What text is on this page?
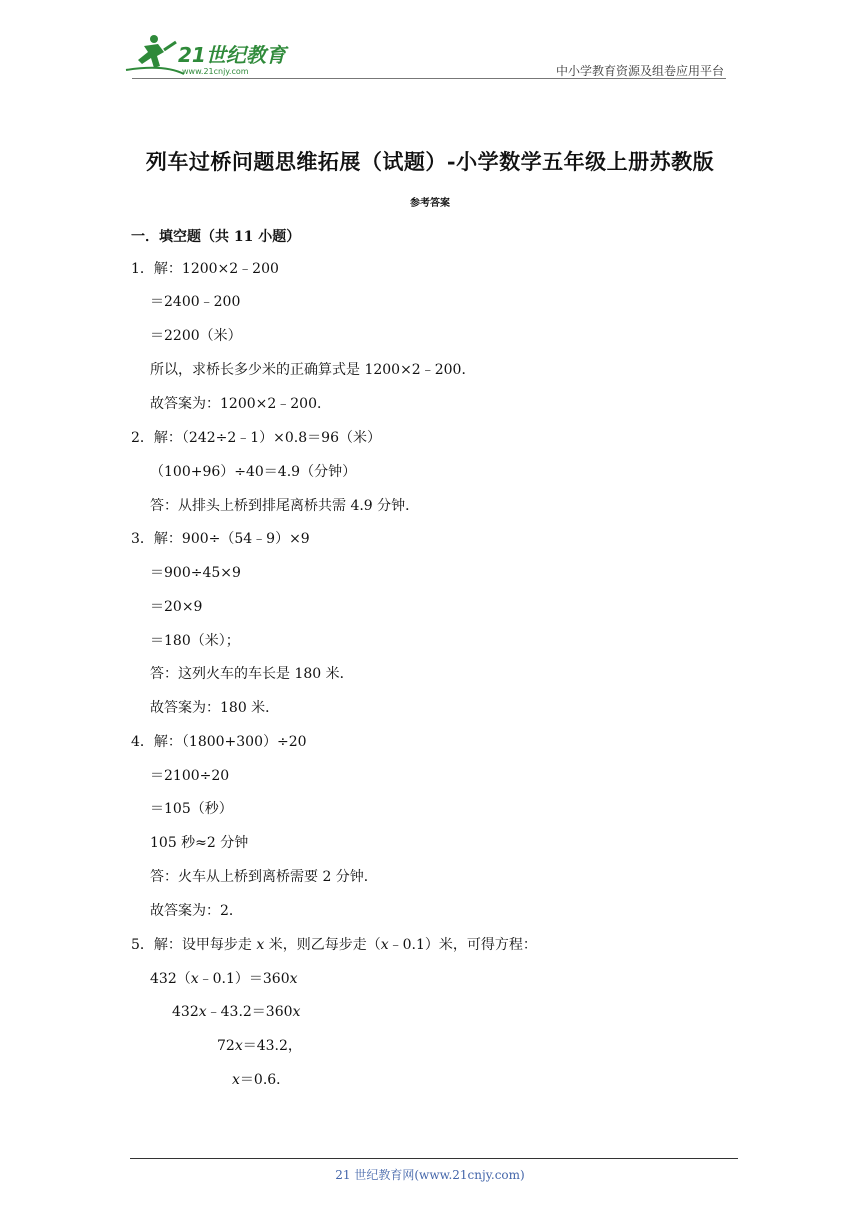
21世纪教育
www.21cnjy.com	中小学教育资源及组卷应用平台
列车过桥问题思维拓展（试题）-小学数学五年级上册苏教版
参考答案
一．填空题（共 11 小题）
1．解：1200×2﹣200
＝2400﹣200
＝2200（米）
所以，求桥长多少米的正确算式是 1200×2﹣200．
故答案为：1200×2﹣200．
2．解：（242÷2﹣1）×0.8＝96（米）
（100+96）÷40＝4.9（分钟）
答：从排头上桥到排尾离桥共需 4.9 分钟．
3．解：900÷（54﹣9）×9
＝900÷45×9
＝20×9
＝180（米）；
答：这列火车的车长是 180 米．
故答案为：180 米．
4．解：（1800+300）÷20
＝2100÷20
＝105（秒）
105 秒≈2 分钟
答：火车从上桥到离桥需要 2 分钟．
故答案为：2．
5．解：设甲每步走 x 米，则乙每步走（x﹣0.1）米，可得方程：
432（x﹣0.1）＝360x
432x﹣43.2＝360x
72x＝43.2，
x＝0.6．
21 世纪教育网(www.21cnjy.com)
